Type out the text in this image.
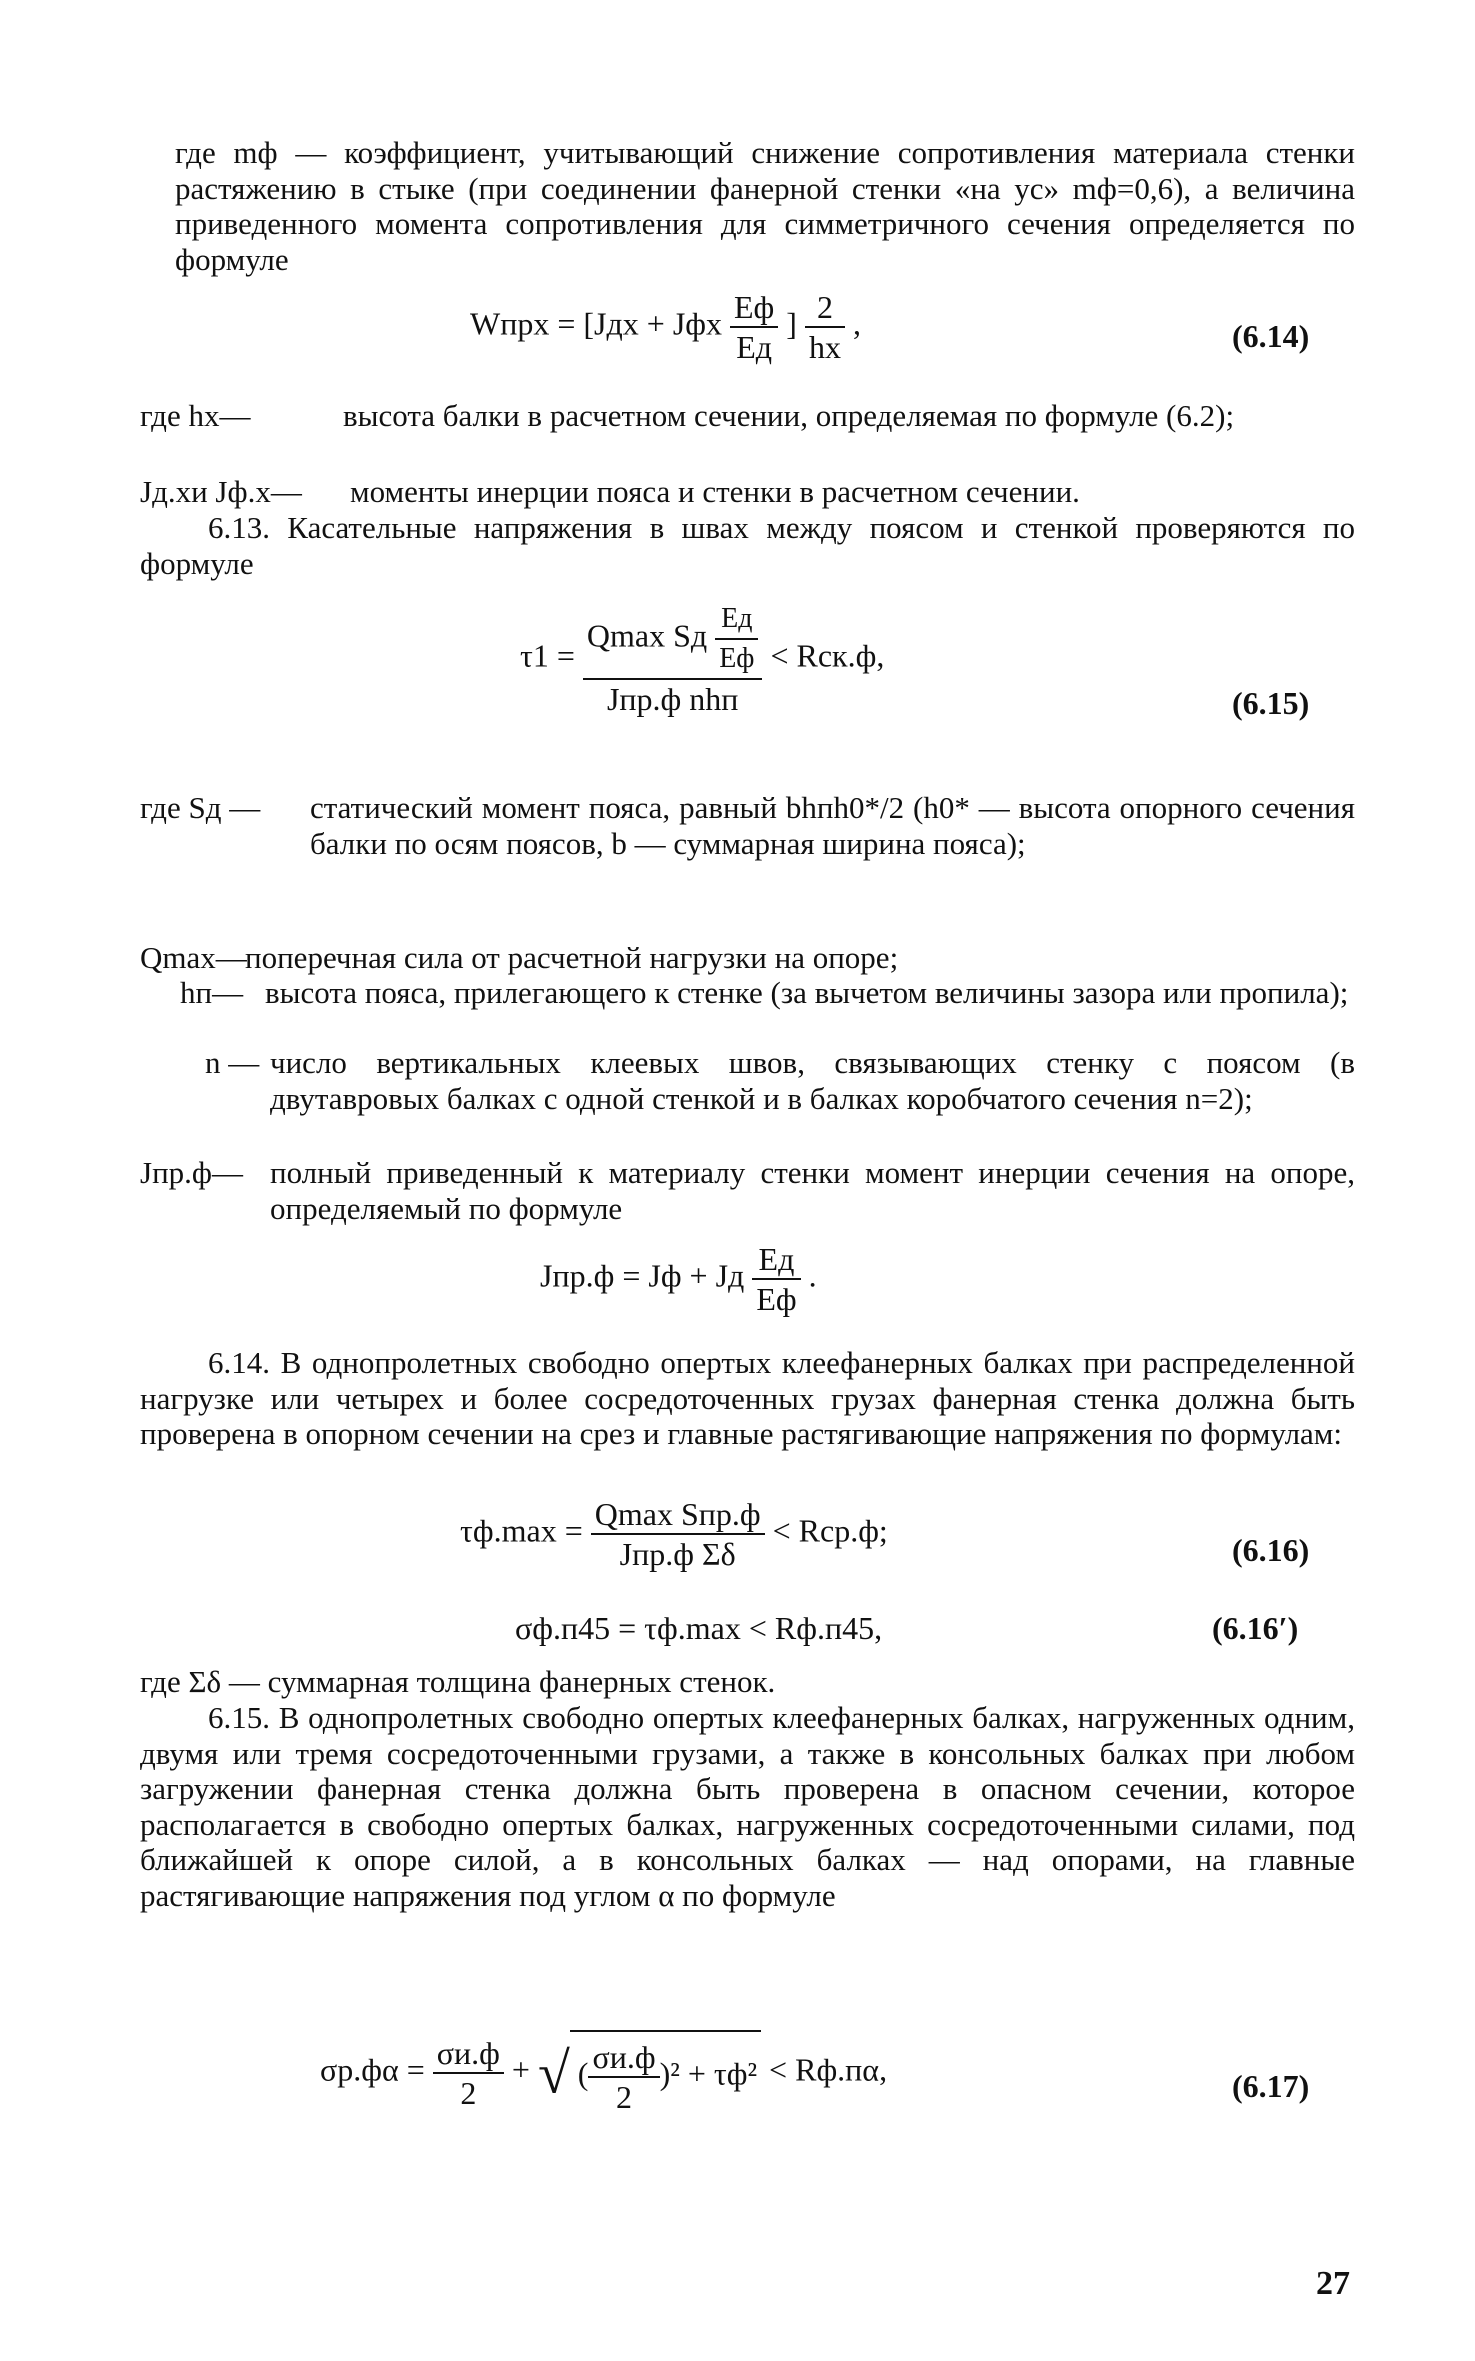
где mф — коэффициент, учитывающий снижение сопротивления материала стенки растяжению в стыке (при соединении фанерной стенки «на ус» mф=0,6), а величина приведенного момента сопротивления для симметричного сечения определяется по формуле

Wпрx = [Jдx + Jфx $\frac{Eф}{Eд}$ ] $\frac{2}{hx}$ ,	(6.14)
где hx—	высота балки в расчетном сечении, определяемая по формуле (6.2);
Jд.xи Jф.x— моменты инерции пояса и стенки в расчетном сечении.

6.13. Касательные напряжения в швах между поясом и стенкой проверяются по формуле

$\tau 1 = \frac{Qmax Sд \frac{Eд}{Eф}}{\text{Jпр.ф nhп}} < Rск.ф$,
(6.15)
где Sд — статический момент пояса, равный bhпh0*/2 (h0* — высота опорного сечения балки по осям поясов, b — суммарная ширина пояса);
Qmax—
поперечная сила от расчетной нагрузки на опоре;
hп— высота пояса, прилегающего к стенке (за вычетом величины зазора или пропила);
n — число вертикальных клеевых швов, связывающих стенку с поясом (в двутавровых балках с одной стенкой и в балках коробчатого сечения n=2);
Jпр.ф— полный приведенный к материалу стенки момент инерции сечения на опоре, определяемый по формуле
Jпр.ф = Jф + Jд $\frac{Eд}{Eф}$ .

6.14. В однопролетных свободно опертых клеефанерных балках при распределенной нагрузке или четырех и более сосредоточенных грузах фанерная стенка должна быть проверена в опорном сечении на срез и главные растягивающие напряжения по формулам:

$\tau ф.\max = \frac{\text{Qmax Sпр.ф}}{\text{Jпр.ф Σδ}} < Rср.ф$;
(6.16)
σф.п45 = τф.max < Rф.п45,	(6.16′)

где Σδ — суммарная толщина фанерных стенок.

6.15. В однопролетных свободно опертых клеефанерных балках, нагруженных одним, двумя или тремя сосредоточенными грузами, а также в консольных балках при любом загружении фанерная стенка должна быть проверена в опасном сечении, которое располагается в свободно опертых балках, нагруженных сосредоточенными силами, под ближайшей к опоре силой, а в консольных балках — над опорами, на главные растягивающие напряжения под углом α по формуле

$\sigma р.ф\alpha = \frac{\sigma и.ф}{2}$ + √ ( $\frac{\sigma и.ф}{2} )^2 + \tau ф^2 < Rф.п\alpha$,	(6.17)
27
